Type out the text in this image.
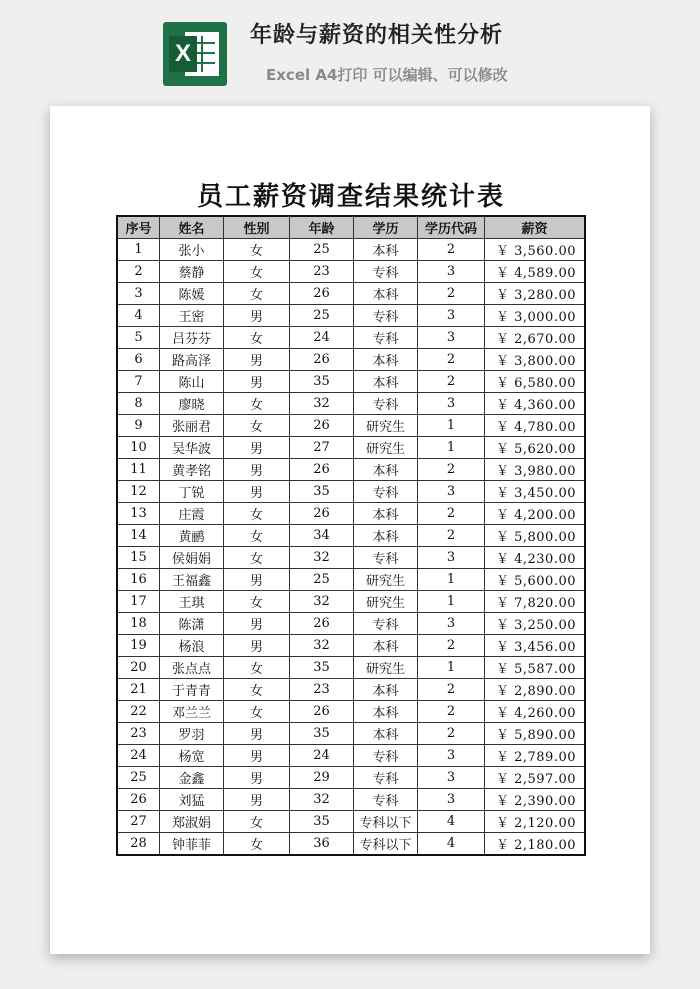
X
年龄与薪资的相关性分析
Excel A4打印 可以编辑、可以修改
员工薪资调查结果统计表
序号	姓名	性别	年龄	学历	学历代码	薪资
1	张小	女	25	本科	2	￥ 3,560.00
2	蔡静	女	23	专科	3	￥ 4,589.00
3	陈媛	女	26	本科	2	￥ 3,280.00
4	王密	男	25	专科	3	￥ 3,000.00
5	吕芬芬	女	24	专科	3	￥ 2,670.00
6	路高泽	男	26	本科	2	￥ 3,800.00
7	陈山	男	35	本科	2	￥ 6,580.00
8	廖晓	女	32	专科	3	￥ 4,360.00
9	张丽君	女	26	研究生	1	￥ 4,780.00
10	吴华波	男	27	研究生	1	￥ 5,620.00
11	黄孝铭	男	26	本科	2	￥ 3,980.00
12	丁锐	男	35	专科	3	￥ 3,450.00
13	庄霞	女	26	本科	2	￥ 4,200.00
14	黄鹂	女	34	本科	2	￥ 5,800.00
15	侯娟娟	女	32	专科	3	￥ 4,230.00
16	王福鑫	男	25	研究生	1	￥ 5,600.00
17	王琪	女	32	研究生	1	￥ 7,820.00
18	陈潇	男	26	专科	3	￥ 3,250.00
19	杨浪	男	32	本科	2	￥ 3,456.00
20	张点点	女	35	研究生	1	￥ 5,587.00
21	于青青	女	23	本科	2	￥ 2,890.00
22	邓兰兰	女	26	本科	2	￥ 4,260.00
23	罗羽	男	35	本科	2	￥ 5,890.00
24	杨宽	男	24	专科	3	￥ 2,789.00
25	金鑫	男	29	专科	3	￥ 2,597.00
26	刘猛	男	32	专科	3	￥ 2,390.00
27	郑淑娟	女	35	专科以下	4	￥ 2,120.00
28	钟菲菲	女	36	专科以下	4	￥ 2,180.00
